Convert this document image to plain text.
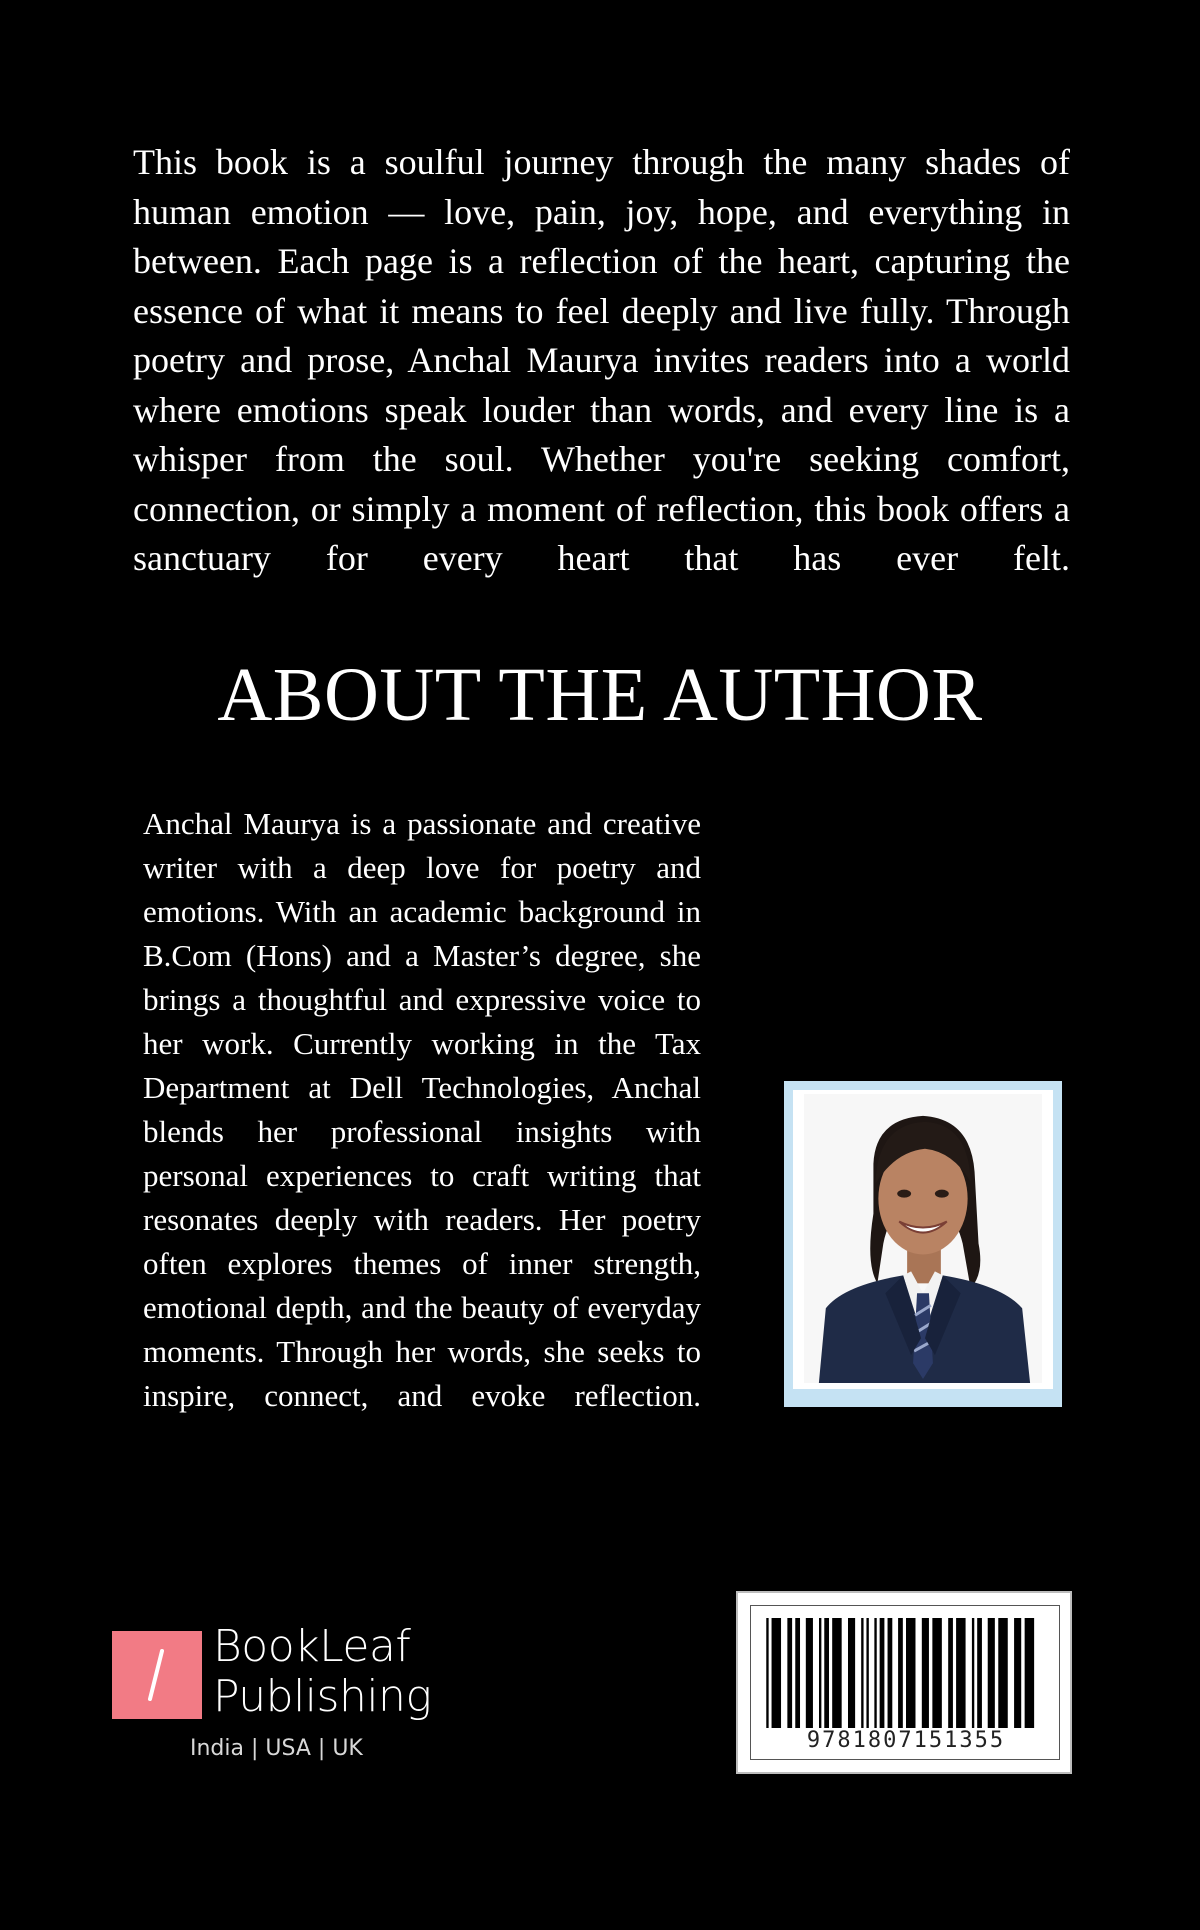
This book is a soulful journey through the many shades of human emotion — love, pain, joy, hope, and everything in between. Each page is a reflection of the heart, capturing the essence of what it means to feel deeply and live fully. Through poetry and prose, Anchal Maurya invites readers into a world where emotions speak louder than words, and every line is a whisper from the soul. Whether you're seeking comfort, connection, or simply a moment of reflection, this book offers a sanctuary for every heart that has ever felt.

ABOUT THE AUTHOR

Anchal Maurya is a passionate and creative writer with a deep love for poetry and emotions. With an academic background in B.Com (Hons) and a Master’s degree, she brings a thoughtful and expressive voice to her work. Currently working in the Tax Department at Dell Technologies, Anchal blends her professional insights with personal experiences to craft writing that resonates deeply with readers. Her poetry often explores themes of inner strength, emotional depth, and the beauty of everyday moments. Through her words, she seeks to inspire, connect, and evoke reflection.

BookLeaf
Publishing
India | USA | UK	9781807151355
